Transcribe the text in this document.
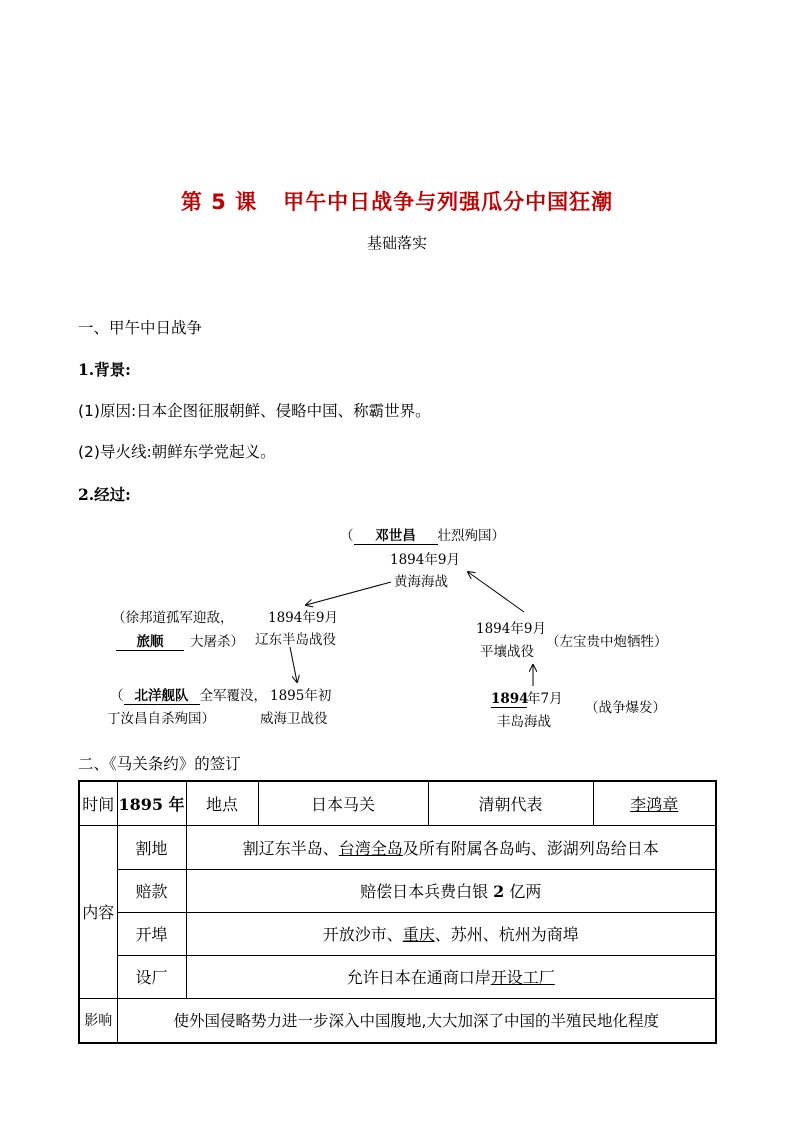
第 5 课 甲午中日战争与列强瓜分中国狂潮
基础落实
一、甲午中日战争
1.背景:
(1)原因:日本企图征服朝鲜、侵略中国、称霸世界。
(2)导火线:朝鲜东学党起义。
2.经过:
（ 邓世昌 壮烈殉国）
1894年9月
黄海海战
（徐邦道孤军迎敌，
旅顺 大屠杀）
1894年9月
辽东半岛战役
1894年9月
平壤战役
（左宝贵中炮牺牲）
（ 北洋舰队 全军覆没，
丁汝昌自杀殉国）
1895年初
威海卫战役
1894年7月
丰岛海战
（战争爆发）
二、《马关条约》的签订
时间	1895 年	地点	日本马关	清朝代表	李鸿章
内容	割地	割辽东半岛、台湾全岛及所有附属各岛屿、澎湖列岛给日本			
	赔款	赔偿日本兵费白银 2 亿两			
	开埠	开放沙市、重庆、苏州、杭州为商埠			
	设厂	允许日本在通商口岸开设工厂			
影响	使外国侵略势力进一步深入中国腹地,大大加深了中国的半殖民地化程度				
